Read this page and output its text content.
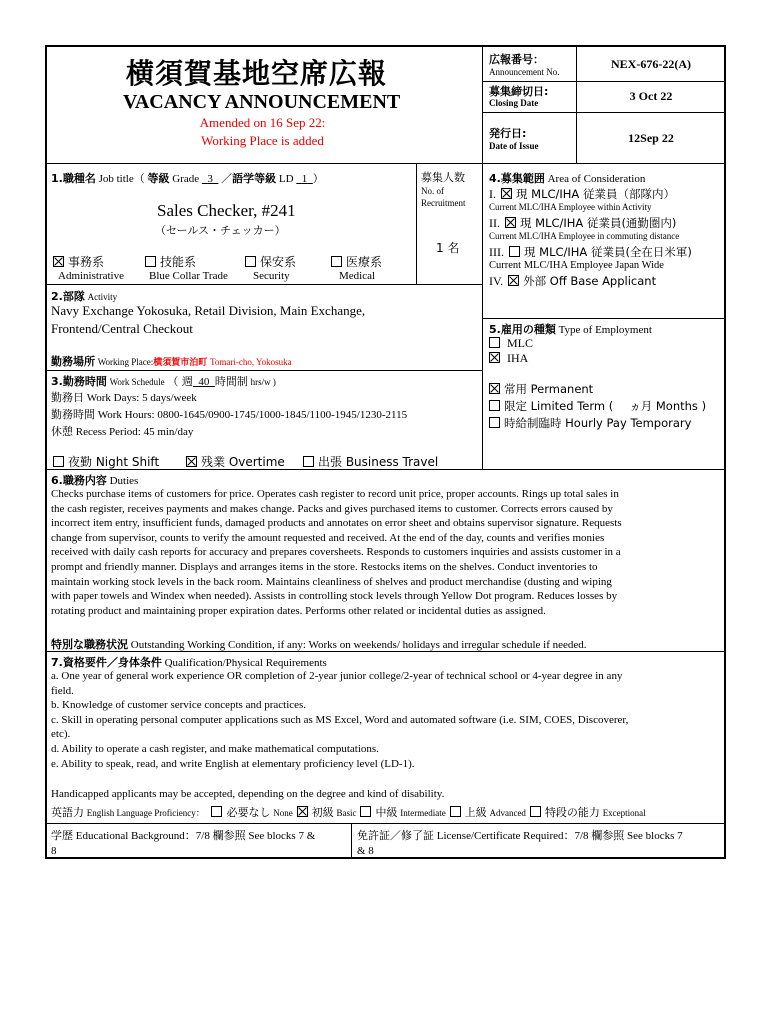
横須賀基地空席広報
VACANCY ANNOUNCEMENT
Amended on 16 Sep 22:
Working Place is added
広報番号：
Announcement No.
NEX-676-22(A)
募集締切日:
Closing Date	3 Oct 22
発行日:
Date of Issue
12Sep 22
1.職種名 Job title（ 等級 Grade 3   ／語学等級 LD 1 ）
Sales Checker, #241
（セールス・チェッカー）
事務系
Administrative
技能系
Blue Collar Trade
保安系
Security
医療系
Medical
募集人数
No. of
Recruitment
1 名
4.募集範囲 Area of Consideration
I. 現 MLC/IHA 従業員（部隊内）
Current MLC/IHA Employee within Activity
II. 現 MLC/IHA 従業員(通勤圏内)
Current MLC/IHA Employee in commuting distance
III. 現 MLC/IHA 従業員(全在日米軍)
Current MLC/IHA Employee Japan Wide
IV. 外部 Off Base Applicant
2.部隊 Activity
Navy Exchange Yokosuka, Retail Division, Main Exchange,
Frontend/Central Checkout
勤務場所 Working Place:横須賀市泊町 Tomari-cho, Yokosuka
5.雇用の種類 Type of Employment
MLC
IHA
常用 Permanent
限定 Limited Term ( ヵ月 Months )
時給制臨時 Hourly Pay Temporary
3.勤務時間 Work Schedule （ 週 40 時間制 hrs/w )
勤務日 Work Days: 5 days/week
勤務時間 Work Hours: 0800-1645/0900-1745/1000-1845/1100-1945/1230-2115
休憩 Recess Period: 45 min/day
夜勤 Night Shift	残業 Overtime	出張 Business Travel
6.職務内容 Duties
Checks purchase items of customers for price. Operates cash register to record unit price, proper accounts. Rings up total sales in
the cash register, receives payments and makes change. Packs and gives purchased items to customer. Corrects errors caused by
incorrect item entry, insufficient funds, damaged products and annotates on error sheet and obtains supervisor signature. Requests
change from supervisor, counts to verify the amount requested and received. At the end of the day, counts and verifies monies
received with daily cash reports for accuracy and prepares coversheets. Responds to customers inquiries and assists customer in a
prompt and friendly manner. Displays and arranges items in the store. Restocks items on the shelves. Conduct inventories to
maintain working stock levels in the back room. Maintains cleanliness of shelves and product merchandise (dusting and wiping
with paper towels and Windex when needed). Assists in controlling stock levels through Yellow Dot program. Reduces losses by
rotating product and maintaining proper expiration dates. Performs other related or incidental duties as assigned.
特別な職務状況 Outstanding Working Condition, if any: Works on weekends/ holidays and irregular schedule if needed.
7.資格要件／身体条件 Qualification/Physical Requirements
a. One year of general work experience OR completion of 2-year junior college/2-year of technical school or 4-year degree in any
field.
b. Knowledge of customer service concepts and practices.
c. Skill in operating personal computer applications such as MS Excel, Word and automated software (i.e. SIM, COES, Discoverer,
etc).
d. Ability to operate a cash register, and make mathematical computations.
e. Ability to speak, read, and write English at elementary proficiency level (LD-1).
Handicapped applicants may be accepted, depending on the degree and kind of disability.
英語力 English Language Proficiency： 必要なし None 初級 Basic 中級 Intermediate 上級 Advanced 特段の能力 Exceptional
学歴 Educational Background：7/8 欄参照 See blocks 7 &
8
免許証／修了証 License/Certificate Required：7/8 欄参照 See blocks 7
& 8
